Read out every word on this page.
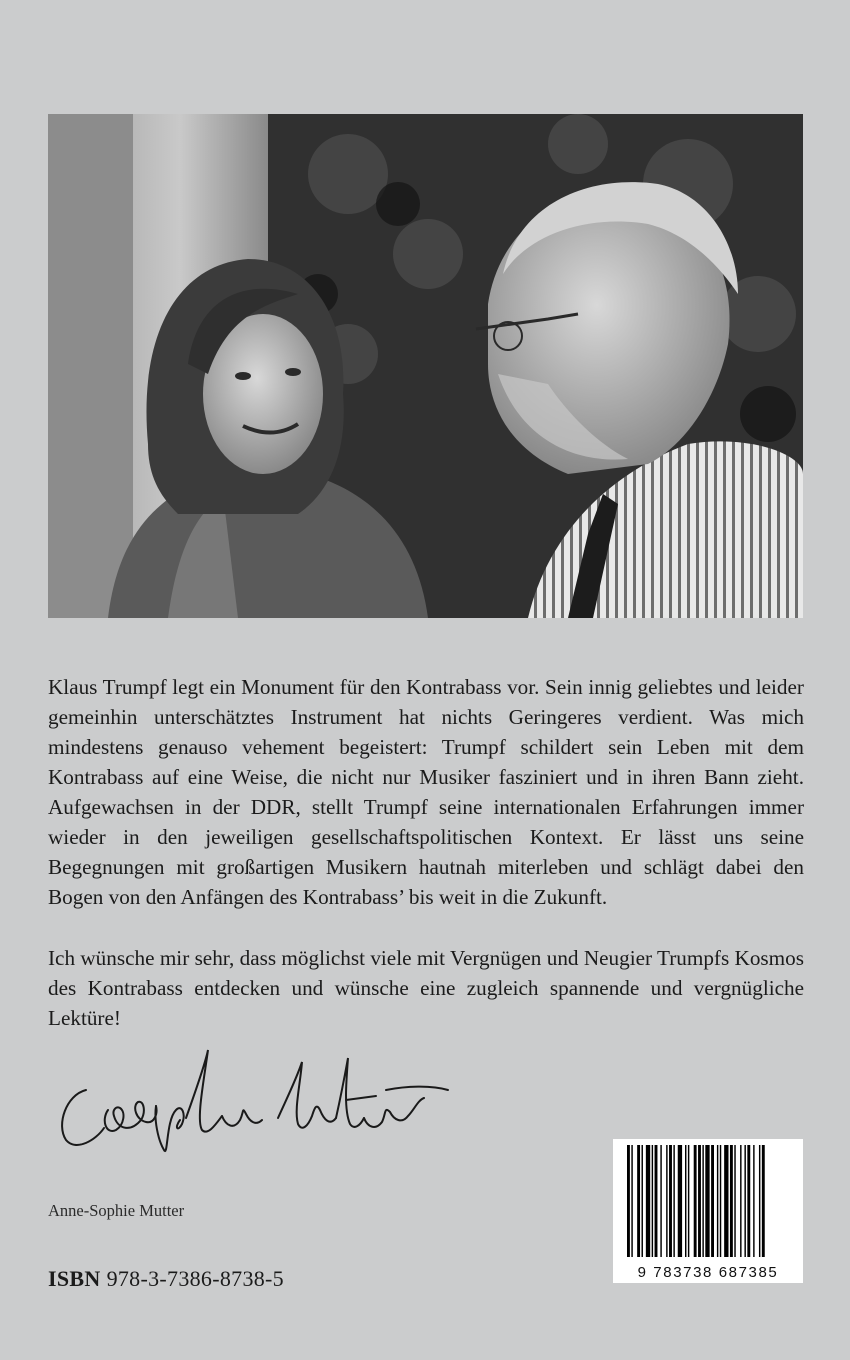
Klaus Trumpf legt ein Monument für den Kontrabass vor. Sein innig geliebtes und leider gemeinhin unterschätztes Instrument hat nichts Geringeres verdient. Was mich mindestens genauso vehement begeistert: Trumpf schildert sein Leben mit dem Kontrabass auf eine Weise, die nicht nur Musiker fasziniert und in ihren Bann zieht. Aufgewachsen in der DDR, stellt Trumpf seine internationalen Erfahrungen immer wieder in den jeweiligen gesellschaftspolitischen Kontext. Er lässt uns seine Begegnungen mit großartigen Musikern hautnah miterleben und schlägt dabei den Bogen von den Anfängen des Kontrabass’ bis weit in die Zukunft.

Ich wünsche mir sehr, dass möglichst viele mit Vergnügen und Neugier Trumpfs Kosmos des Kontrabass entdecken und wünsche eine zugleich spannende und vergnügliche Lektüre!

Anne-Sophie Mutter
ISBN 978-3-7386-8738-5	9 783738 687385
